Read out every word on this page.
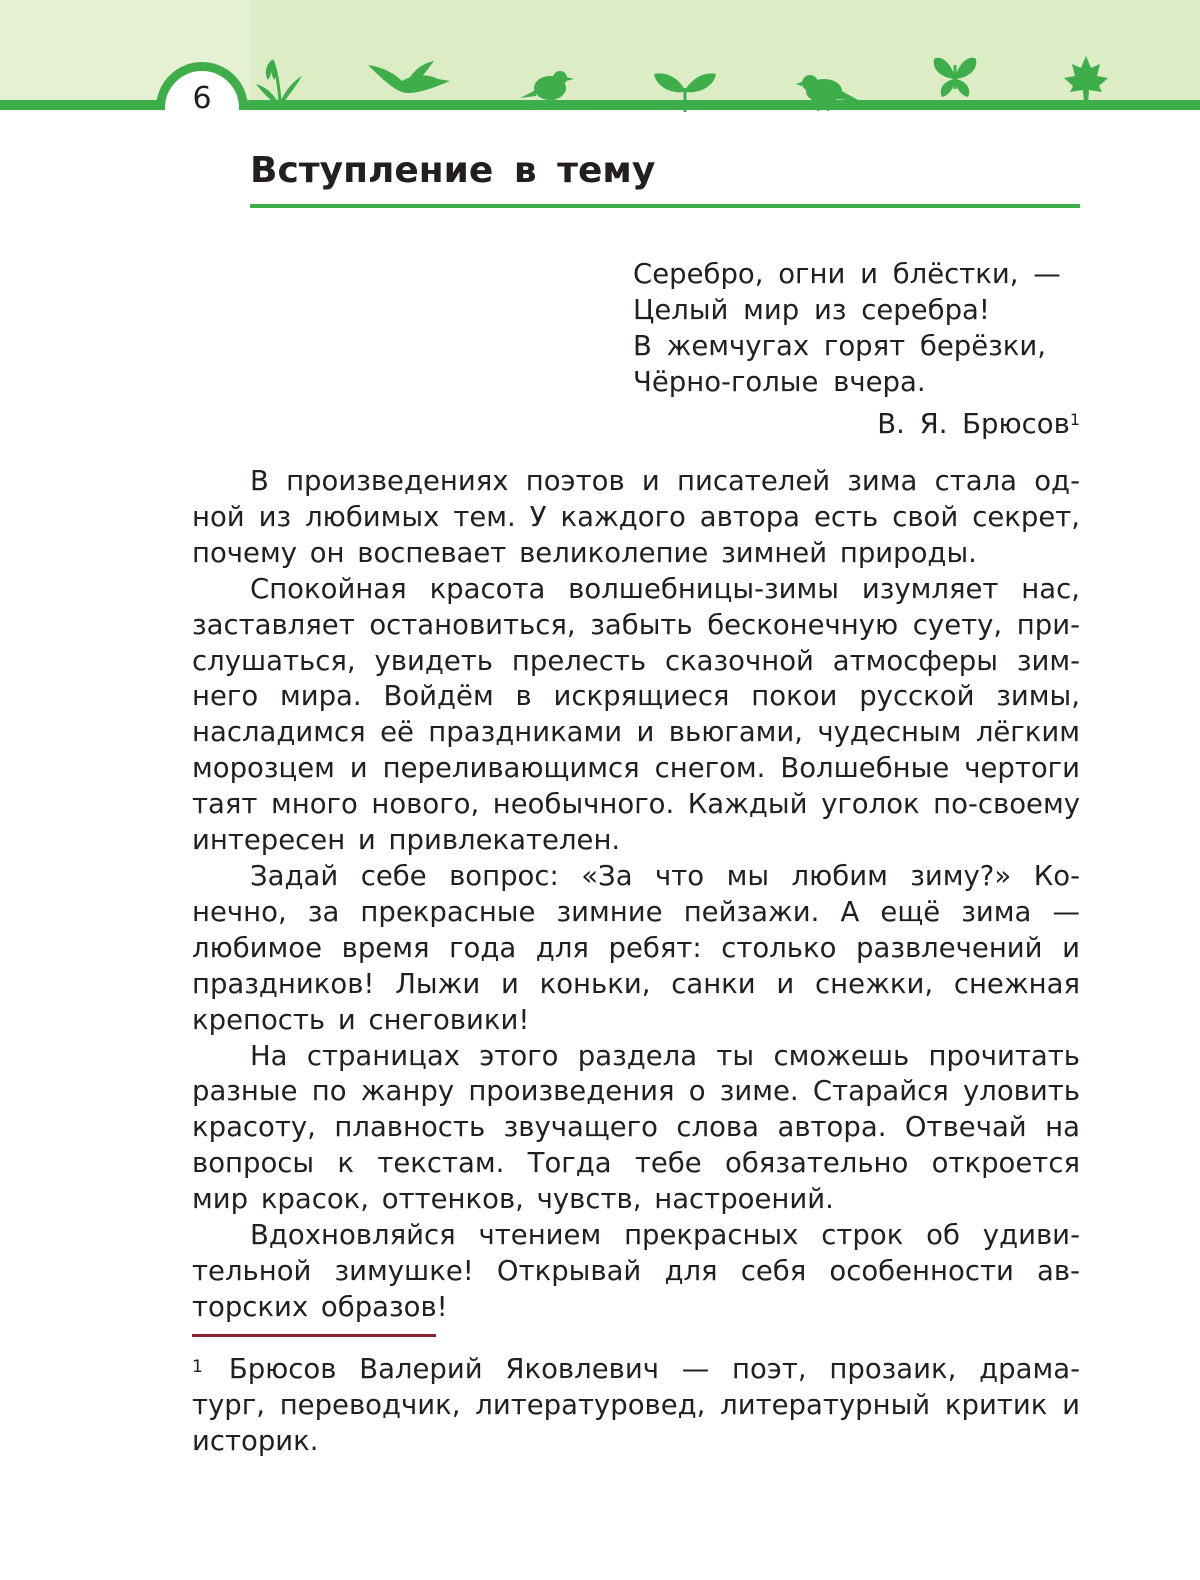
6
Вступление в тему
Серебро, огни и блёстки, —
Целый мир из серебра!
В жемчугах горят берёзки,
Чёрно-голые вчера.
В. Я. Брюсов$^1$

В произведениях поэтов и писателей зима стала одной из любимых тем. У каждого автора есть свой секрет, почему он воспевает великолепие зимней природы.

Спокойная красота волшебницы-зимы изумляет нас, заставляет остановиться, забыть бесконечную суету, прислушаться, увидеть прелесть сказочной атмосферы зимнего мира. Войдём в искрящиеся покои русской зимы, насладимся её праздниками и вьюгами, чудесным лёгким морозцем и переливающимся снегом. Волшебные чертоги таят много нового, необычного. Каждый уголок по-своему интересен и привлекателен.

Задай себе вопрос: «За что мы любим зиму?» Конечно, за прекрасные зимние пейзажи. А ещё зима — любимое время года для ребят: столько развлечений и праздников! Лыжи и коньки, санки и снежки, снежная крепость и снеговики!

На страницах этого раздела ты сможешь прочитать разные по жанру произведения о зиме. Старайся уловить красоту, плавность звучащего слова автора. Отвечай на вопросы к текстам. Тогда тебе обязательно откроется мир красок, оттенков, чувств, настроений.

Вдохновляйся чтением прекрасных строк об удивительной зимушке! Открывай для себя особенности авторских образов!

$^1$ Брюсов Валерий Яковлевич — поэт, прозаик, драматург, переводчик, литературовед, литературный критик и историк.
